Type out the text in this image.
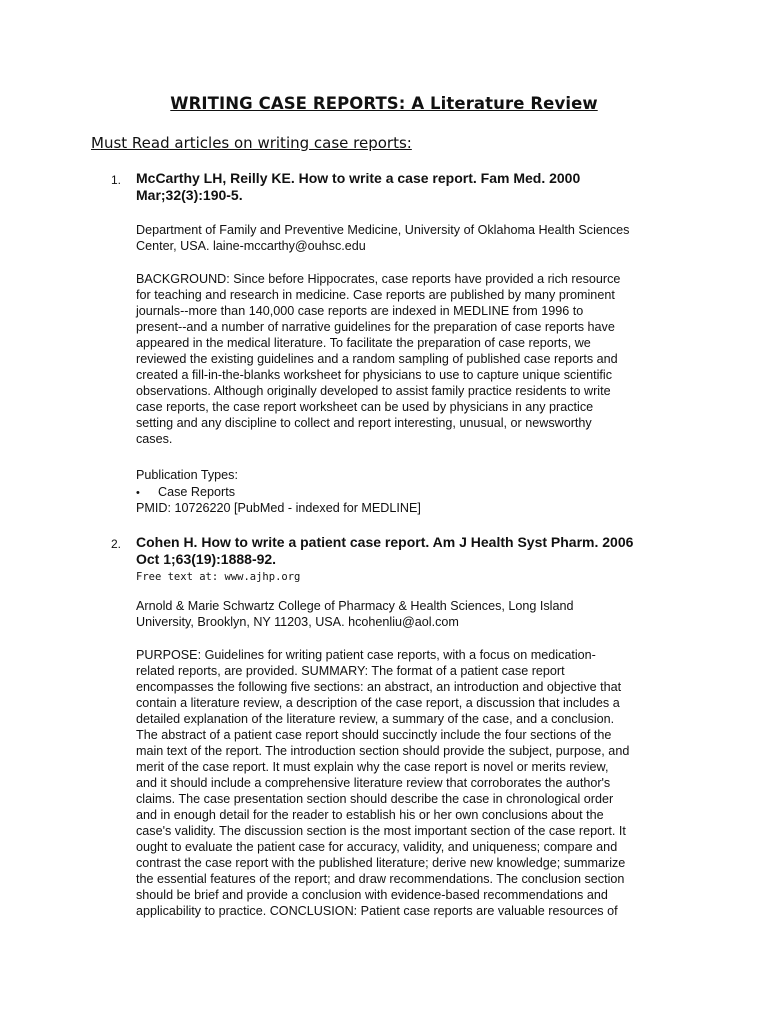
WRITING CASE REPORTS: A Literature Review
Must Read articles on writing case reports:
1. McCarthy LH, Reilly KE. How to write a case report. Fam Med. 2000
Mar;32(3):190-5.
Department of Family and Preventive Medicine, University of Oklahoma Health Sciences
Center, USA. laine-mccarthy@ouhsc.edu
BACKGROUND: Since before Hippocrates, case reports have provided a rich resource
for teaching and research in medicine. Case reports are published by many prominent
journals--more than 140,000 case reports are indexed in MEDLINE from 1996 to
present--and a number of narrative guidelines for the preparation of case reports have
appeared in the medical literature. To facilitate the preparation of case reports, we
reviewed the existing guidelines and a random sampling of published case reports and
created a fill-in-the-blanks worksheet for physicians to use to capture unique scientific
observations. Although originally developed to assist family practice residents to write
case reports, the case report worksheet can be used by physicians in any practice
setting and any discipline to collect and report interesting, unusual, or newsworthy
cases.
Publication Types:
• Case Reports
PMID: 10726220 [PubMed - indexed for MEDLINE]
2. Cohen H. How to write a patient case report. Am J Health Syst Pharm. 2006
Oct 1;63(19):1888-92.
Free text at: www.ajhp.org
Arnold & Marie Schwartz College of Pharmacy & Health Sciences, Long Island
University, Brooklyn, NY 11203, USA. hcohenliu@aol.com
PURPOSE: Guidelines for writing patient case reports, with a focus on medication-
related reports, are provided. SUMMARY: The format of a patient case report
encompasses the following five sections: an abstract, an introduction and objective that
contain a literature review, a description of the case report, a discussion that includes a
detailed explanation of the literature review, a summary of the case, and a conclusion.
The abstract of a patient case report should succinctly include the four sections of the
main text of the report. The introduction section should provide the subject, purpose, and
merit of the case report. It must explain why the case report is novel or merits review,
and it should include a comprehensive literature review that corroborates the author's
claims. The case presentation section should describe the case in chronological order
and in enough detail for the reader to establish his or her own conclusions about the
case's validity. The discussion section is the most important section of the case report. It
ought to evaluate the patient case for accuracy, validity, and uniqueness; compare and
contrast the case report with the published literature; derive new knowledge; summarize
the essential features of the report; and draw recommendations. The conclusion section
should be brief and provide a conclusion with evidence-based recommendations and
applicability to practice. CONCLUSION: Patient case reports are valuable resources of
